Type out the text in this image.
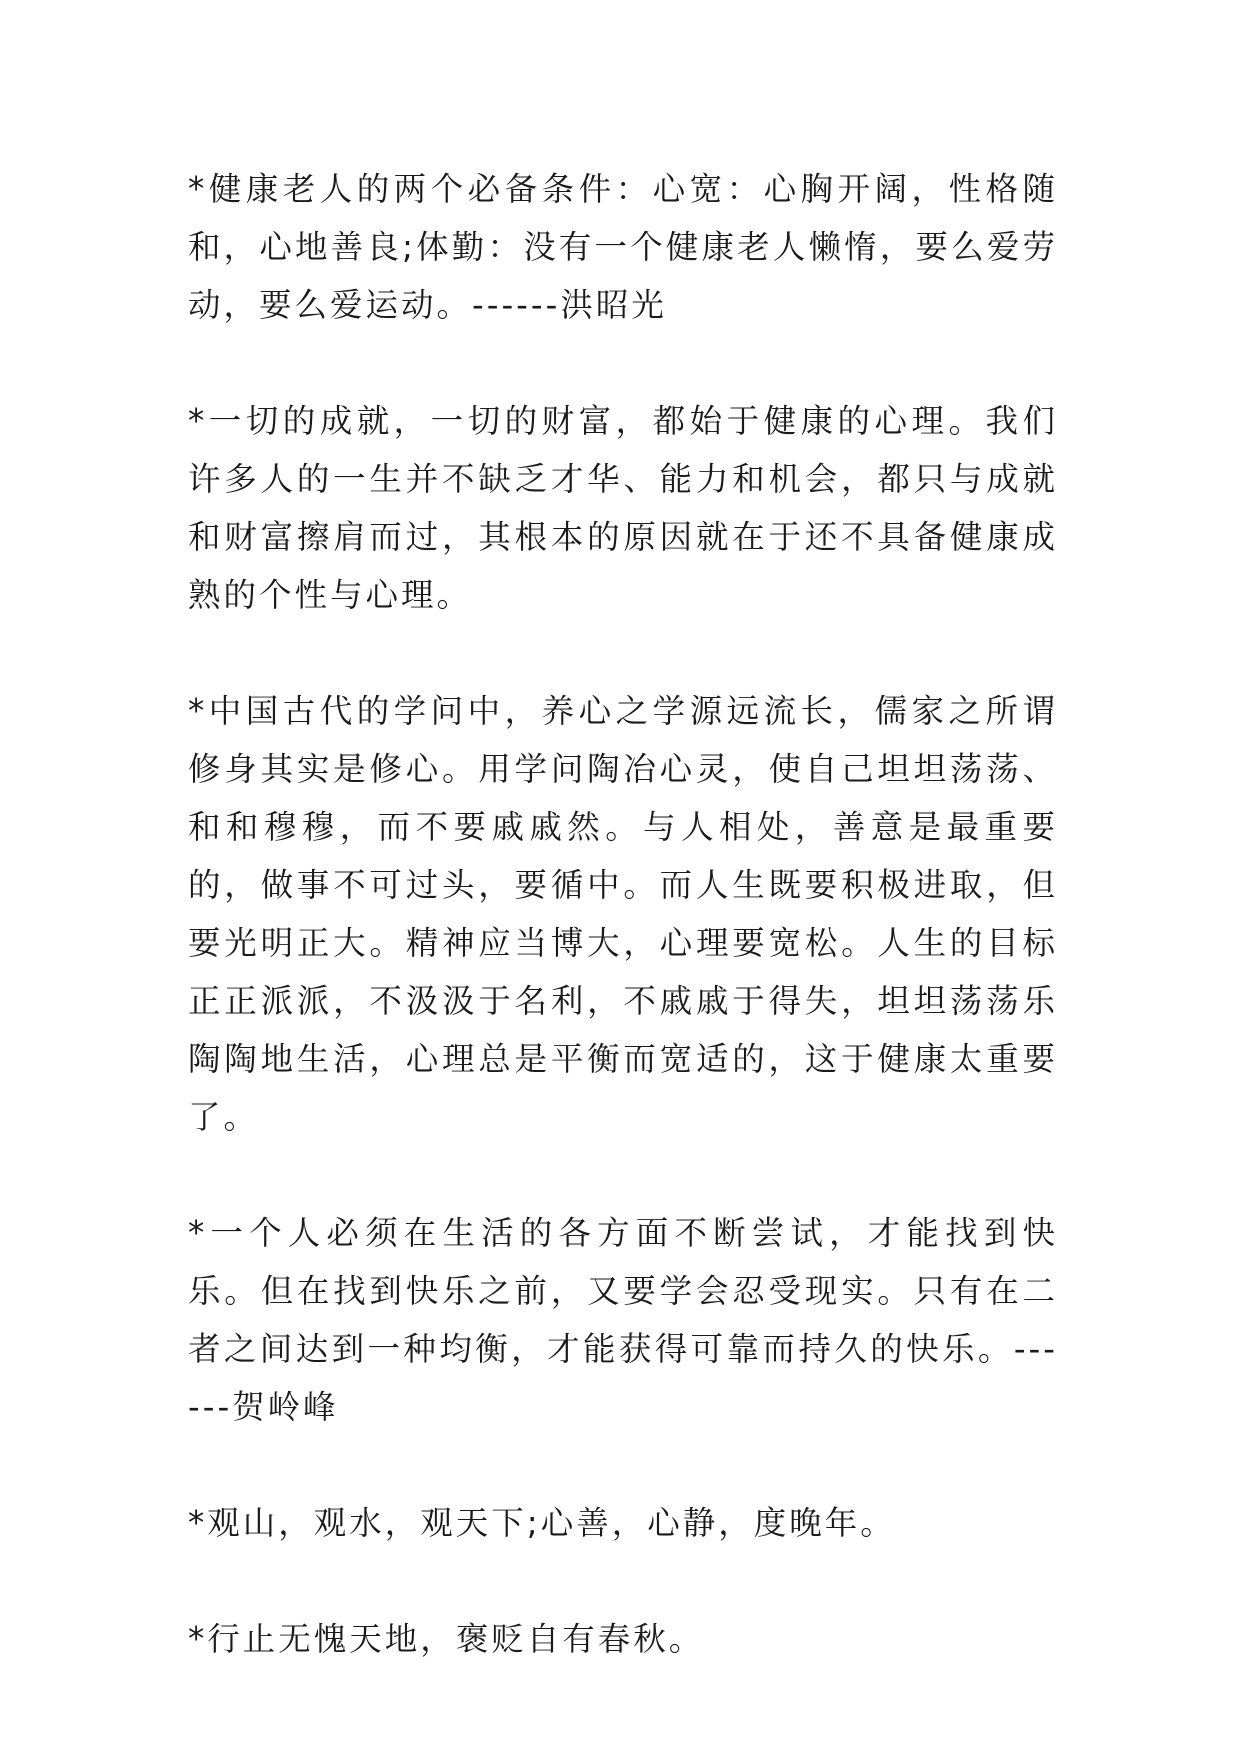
*健康老人的两个必备条件：心宽：心胸开阔，性格随和，心地善良;体勤：没有一个健康老人懒惰，要么爱劳动，要么爱运动。------洪昭光

*一切的成就，一切的财富，都始于健康的心理。我们许多人的一生并不缺乏才华、能力和机会，都只与成就和财富擦肩而过，其根本的原因就在于还不具备健康成熟的个性与心理。

*中国古代的学问中，养心之学源远流长，儒家之所谓修身其实是修心。用学问陶冶心灵，使自己坦坦荡荡、和和穆穆，而不要戚戚然。与人相处，善意是最重要的，做事不可过头，要循中。而人生既要积极进取，但要光明正大。精神应当博大，心理要宽松。人生的目标正正派派，不汲汲于名利，不戚戚于得失，坦坦荡荡乐陶陶地生活，心理总是平衡而宽适的，这于健康太重要了。

*一个人必须在生活的各方面不断尝试，才能找到快乐。但在找到快乐之前，又要学会忍受现实。只有在二者之间达到一种均衡，才能获得可靠而持久的快乐。------贺岭峰

*观山，观水，观天下;心善，心静，度晚年。

*行止无愧天地，褒贬自有春秋。
